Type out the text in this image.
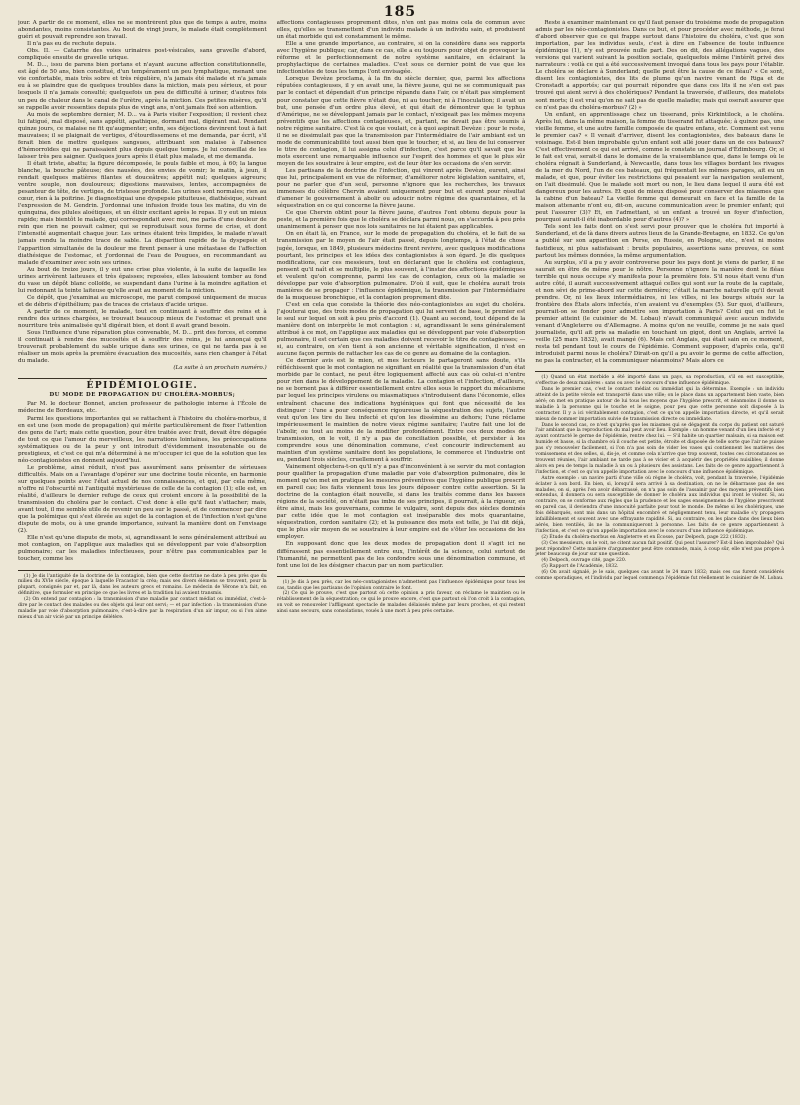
185

jour. A partir de ce moment, elles ne se montrèrent plus que de temps à autre, moins abondantes, moins consistantes. Au bout de vingt jours, le malade était complètement guéri et pouvait reprendre son travail.

Il n'a pas eu de rechute depuis.

Obs. II. — Catarrhe des voies urinaires post-vésicales, sans gravelle d'abord, compliquée ensuite de gravelle urique.

M. D..., issu de parens bien portans et n'ayant aucune affection constitutionnelle, est âgé de 50 ans, bien constitué, d'un tempérament un peu lymphatique, menant une vie confortable, mais très sobre et très régulière, n'a jamais été malade et n'a jamais eu à se plaindre que de quelques troubles dans la miction, mais peu sérieux, et pour lesquels il n'a jamais consulté; quelquefois un peu de difficulté à uriner, d'autres fois un peu de chaleur dans le canal de l'urètre, après la miction. Ces petites misères, qu'il se rappelle avoir ressenties depuis plus de vingt ans, n'ont jamais fixé son attention.

Au mois de septembre dernier, M. D... va à Paris visiter l'exposition; il revient chez lui fatigué, mal disposé, sans appétit, apathique, dormant mal, digérant mal. Pendant quinze jours, ce malaise ne fit qu'augmenter; enfin, ses déjections devinrent tout à fait mauvaises; il se plaignait de vertiges, d'étourdissemens et me demanda, par écrit, s'il ferait bien de mettre quelques sangsues, attribuant son malaise à l'absence d'hémorroïdes qui ne paraissaient plus depuis quelque temps. Je lui conseillai de les laisser très peu saigner. Quelques jours après il était plus malade, et me demanda.

Il était triste, abattu; la figure décomposée, le pouls faible et mou, à 60; la langue blanche, la bouche pâteuse; des nausées, des envies de vomir; le matin, à jeun, il rendait quelques matières filantes et douceâtres; appétit nul; quelques aigreurs; ventre souple, non douloureux; digestions mauvaises, lentes, accompagnées de pesanteur de tête, de vertiges, de tristesse profonde. Les urines sont normales; rien au cœur, rien à la poitrine. Je diagnostiquai une dyspepsie pituiteuse, diathésique, suivant l'expression de M. Gendrin. J'ordonnai une infusion froide tous les matins, du vin de quinquina, des pilules aloétiques, et un élixir excitant après le repas. Il y eut un mieux rapide; mais bientôt le malade, qui correspondait avec moi, me parla d'une douleur de rein que rien ne pouvait calmer, qui se reproduisait sous forme de crise, et dont l'intensité augmentait chaque jour. Les urines étaient très limpides, le malade n'avait jamais rendu la moindre trace de sable. La disparition rapide de la dyspepsie et l'apparition simultanée de la douleur me firent penser à une métastase de l'affection diathésique de l'estomac, et j'ordonnai de l'eau de Pougues, en recommandant au malade d'examiner avec soin ses urines.

Au bout de treize jours, il y eut une crise plus violente, à la suite de laquelle les urines arrivèrent laiteuses et très épaisses; reposées, elles laissaient tomber au fond du vase un dépôt blanc colloïde, se suspendant dans l'urine à la moindre agitation et lui redonnant la teinte laiteuse qu'elle avait au moment de la miction.

Ce dépôt, que j'examinai au microscope, me parut composé uniquement de mucus et de débris d'épithélium; pas de traces de cristaux d'acide urique.

A partir de ce moment, le malade, tout en continuant à souffrir des reins et à rendre des urines chargées, se trouvait beaucoup mieux de l'estomac et prenait une nourriture très animalisée qu'il digérait bien, et dont il avait grand besoin.

Sous l'influence d'une réparation plus convenable, M. D... prit des forces, et comme il continuait à rendre des mucosités et à souffrir des reins, je lui annonçai qu'il trouverait probablement du sable urique dans ses urines, ce qui ne tarda pas à se réaliser un mois après la première évacuation des mucosités, sans rien changer à l'état du malade.

(La suite à un prochain numéro.)

ÉPIDÉMIOLOGIE.
DU MODE DE PROPAGATION DU CHOLÉRA-MORBUS;

Par M. le docteur Bonnet, ancien professeur de pathologie interne à l'École de médecine de Bordeaux, etc.

Parmi les questions importantes qui se rattachent à l'histoire du choléra-morbus, il en est une (son mode de propagation) qui mérite particulièrement de fixer l'attention des gens de l'art; mais cette question, pour être traitée avec fruit, devait être dégagée de tout ce que l'amour du merveilleux, les narrations lointaines, les préoccupations systématiques ou de la peur y ont introduit d'évidemment insoutenable ou de prestigieux, et c'est ce qui m'a déterminé à ne m'occuper ici que de la solution que les néo-contagionistes en donnent aujourd'hui.

Le problème, ainsi réduit, n'est pas assurément sans présenter de sérieuses difficultés. Mais on a l'avantage d'opérer sur une doctrine toute récente, en harmonie sur quelques points avec l'état actuel de nos connaissances, et qui, par cela même, n'offre ni l'obscurité ni l'antiquité mystérieuse de celle de la contagion (1); elle est, en réalité, d'ailleurs le dernier refuge de ceux qui croient encore à la possibilité de la transmission du choléra par le contact. C'est donc à elle qu'il faut s'attacher; mais, avant tout, il me semble utile de revenir un peu sur le passé, et de commencer par dire que la polémique qui s'est élevée au sujet de la contagion et de l'infection n'est qu'une dispute de mots, ou à une grande importance, suivant la manière dont on l'envisage (2).

Elle n'est qu'une dispute de mots, si, agrandissant le sens généralement attribué au mot contagion, on l'applique aux maladies qui se développent par voie d'absorption pulmonaire; car les maladies infectieuses, pour n'être pas communicables par le toucher, comme les

(1) Je dis l'antiquité de la doctrine de la contagion, bien que cette doctrine ne date à peu près que du milieu du XVIe siècle, époque à laquelle Fracastor la créa; mais ses divers élémens se trouvent, pour la plupart, consignés par et, par là, dans les auteurs grecs et romains. Le médecin de Vérone n'a fait, en définitive, que formuler en principe ce que les livres et la tradition lui avaient transmis.

(2) On entend par contagion : la transmission d'une maladie par contact médiat ou immédiat, c'est-à-dire par le contact des malades ou des objets qui leur ont servi; — et par infection : la transmission d'une maladie par voie d'absorption pulmonaire, c'est-à-dire par la respiration d'un air impur, ou si l'on aime mieux d'un air vicié par un principe délétère.

affections contagieuses proprement dites, n'en ont pas moins cela de commun avec elles, qu'elles se transmettent d'un individu malade à un individu sain, et produisent un état morbide qui est constamment le même.

Elle a une grande importance, au contraire, si on la considère dans ses rapports avec l'hygiène publique; car, dans ce cas, elle a eu toujours pour objet de provoquer la réforme et le perfectionnement de notre système sanitaire, en éclairant la prophylactique de certaines maladies. C'est sous ce dernier point de vue que les infectionistes de tous les temps l'ont envisagée.

Lorsque Devèze proclama, à la fin du siècle dernier, que, parmi les affections réputées contagieuses, il y en avait une, la fièvre jaune, qui ne se communiquait pas par le contact et dépendait d'un principe répandu dans l'air, ce n'était pas simplement pour constater que cette fièvre n'était due, ni au toucher, ni à l'inoculation; il avait un but, une pensée d'un ordre plus élevé, et qui était de démontrer que le typhus d'Amérique, ne se développant jamais par le contact, n'exigeait pas les mêmes moyens préventifs que les affections contagieuses, et, partant, ne devait pas être soumis à notre régime sanitaire. C'est là ce que voulait, ce à quoi aspirait Devèze : pour le reste, il ne se dissimulait pas que la transmission par l'intermédiaire de l'air ambiant est un mode de communicabilité tout aussi bien que le toucher, et si, au lieu de lui conserver le titre de contagion, il lui assigna celui d'infection, c'est parce qu'il savait que les mots exercent une remarquable influence sur l'esprit des hommes et que le plus sûr moyen de les soustraire à leur empire, est de leur ôter les occasions de s'en servir.

Les partisans de la doctrine de l'infection, qui vinrent après Devèze, eurent, ainsi que lui, principalement en vue de réformer, d'améliorer notre législation sanitaire, et, pour ne parler que d'un seul, personne n'ignore que les recherches, les travaux immenses du célèbre Chervin avaient uniquement pour but et eurent pour résultat d'amener le gouvernement à abolir ou adoucir notre régime des quarantaines, et la séquestration en ce qui concerne la fièvre jaune.

Ce que Chervin obtint pour la fièvre jaune, d'autres l'ont obtenu depuis pour la peste, et la première fois que le choléra se déclara parmi nous, on s'accorda à peu près unanimement à penser que nos lois sanitaires ne lui étaient pas applicables.

On en était là, en France, sur le mode de propagation du choléra, et le fait de sa transmission par le moyen de l'air était passé, depuis longtemps, à l'état de chose jugée, lorsque, en 1849, plusieurs médecins firent revivre, avec quelques modifications pourtant, les principes et les idées des contagionistes à son égard. Je dis quelques modifications, car ces messieurs, tout en déclarant que le choléra est contagieux, pensent qu'il naît et se multiplie, le plus souvent, à l'instar des affections épidémiques et veulent qu'on comprenne, parmi les cas de contagion, ceux où la maladie se développe par voie d'absorption pulmonaire. D'où il suit, que le choléra aurait trois manières de se propager : l'influence épidémique, la transmission par l'intermédiaire de la muqueuse bronchique, et la contagion proprement dite.

C'est en cela que consiste la théorie des néo-contagionistes au sujet du choléra. J'ajouterai que, des trois modes de propagation qui lui servent de base, le premier est le seul sur lequel on soit à peu près d'accord (1). Quant au second, tout dépend de la manière dont on interprète le mot contagion : si, agrandissant le sens généralement attribué à ce mot, on l'applique aux maladies qui se développent par voie d'absorption pulmonaire, il est certain que ces maladies doivent recevoir le titre de contagieuses; — si, au contraire, on s'en tient à son ancienne et véritable signification, il n'est en aucune façon permis de rattacher les cas de ce genre au domaine de la contagion.

Ce dernier avis est le mien, et mes lecteurs le partageront sans doute, s'ils réfléchissent que le mot contagion ne signifiant en réalité que la transmission d'un état morbide par le contact, ne peut être logiquement affecté aux cas où celui-ci n'entre pour rien dans le développement de la maladie. La contagion et l'infection, d'ailleurs, ne se bornent pas à différer essentiellement entre elles sous le rapport du mécanisme par lequel les principes virulens ou miasmatiques s'introduisent dans l'économie, elles entraînent chacune des indications hygiéniques qui font que nécessité de les distinguer : l'une a pour conséquence rigoureuse la séquestration des sujets, l'autre veut qu'on les tire du lieu infecté et qu'on les dissémine au dehors; l'une réclame impérieusement le maintien de notre vieux régime sanitaire; l'autre fait une loi de l'abolir, ou tout au moins de la modifier profondément. Entre ces deux modes de transmission, on le voit, il n'y a pas de conciliation possible, et persister à les comprendre sous une dénomination commune, c'est concourir indirectement au maintien d'un système sanitaire dont les populations, le commerce et l'industrie ont eu, pendant trois siècles, cruellement à souffrir.

Vainement objectera-t-on qu'il n'y a pas d'inconvénient à se servir du mot contagion pour qualifier la propagation d'une maladie par voie d'absorption pulmonaire, dès le moment qu'on met en pratique les mesures préventives que l'hygiène publique prescrit en pareil cas; les faits viennent tous les jours déposer contre cette assertion. Si la doctrine de la contagion était nouvelle, si dans les traités comme dans les basses régions de la société, on n'était pas imbu de ses principes, il pourrait, à la rigueur, en être ainsi, mais les gouvernans, comme le vulgaire, sont depuis des siècles dominés par cette idée que le mot contagion est inséparable des mots quarantaine, séquestration, cordon sanitaire (2); et la puissance des mots est telle, je l'ai dit déjà, que le plus sûr moyen de se soustraire à leur empire est de s'ôter les occasions de les employer.

En supposant donc que les deux modes de propagation dont il s'agit ici ne différassent pas essentiellement entre eux, l'intérêt de la science, celui surtout de l'humanité, ne permettent pas de les confondre sous une dénomination commune, et font une loi de les désigner chacun par un nom particulier.

(1) Je dis à peu près, car les néo-contagionistes n'admettent pas l'influence épidémique pour tous les cas, tandis que les partisans de l'opinion contraire le font.

(2) Ce qui le prouve, c'est que partout où cette opinion a pris faveur, on réclame le maintien ou le rétablissement de la séquestration; ce qui le prouve encore, c'est que partout où l'on croit à la contagion, on voit se renouveler l'affligeant spectacle de malades délaissés même par leurs proches, et qui restent ainsi sans secours, sans consolations, voués à une mort à peu près certaine.

Reste à examiner maintenant ce qu'il faut penser du troisième mode de propagation admis par les néo-contagionistes. Dans ce but, et pour procéder avec méthode, je ferai d'abord observer que ce qui frappe surtout dans l'histoire du choléra, c'est que son importation, par les individus seuls, c'est à dire en l'absence de toute influence épidémique (1), n'y est prouvée nulle part. Des on dit, des allégations vagues, des versions qui varient suivant la position sociale, quelquefois même l'intérêt privé des narrateurs : voilà ce qui a été successivement invoqué dans tous les pays pour l'établir. Le choléra se déclare à Sunderland; quelle peut être la cause de ce fléau? « Ce sont, disent les contagionistes, des lits de plume qu'un navire venant de Riga et de Cronstadt a apportés; car qui pourrait répondre que dans ces lits il ne s'en est pas trouvé qui aient servi à des cholériques? Pendant la traversée, d'ailleurs, des matelots sont morts; il est vrai qu'on ne sait pas de quelle maladie; mais qui oserait assurer que ce n'est pas du choléra-morbus? (2) »

Un enfant, en apprentissage chez un tisserand, près Kirkintilock, a le choléra. Après lui, dans la même maison, la femme du tisserand fut attaquée; à quinze pas, une vieille femme, et une autre famille composée de quatre enfans, etc. Comment est venu le premier cas? « Il venait d'arriver, disent les contagionistes, des bateaux dans le voisinage. Est-il bien improbable qu'un enfant soit allé jouer dans un de ces bateaux? C'est effectivement ce qui est arrivé, comme le constate un journal d'Édimbourg. Or, si le fait est vrai, serait-il dans le domaine de la vraisemblance que, dans le temps où le choléra régnait à Sunderland, à Newcastle, dans tous les villages bordant les rivages de la mer du Nord, l'un de ces bateaux, qui fréquentait les mêmes parages, ait eu un malade, et que, pour éviter les restrictions qui pesaient sur la navigation seulement, on l'ait dissimulé. Que le malade soit mort ou non, le lieu dans lequel il aura été est dangereux pour les autres. Et quoi de mieux disposé pour conserver des miasmes que la cabine d'un bateau? La vieille femme qui demeurait en face et la famille de la maison attenante n'ont eu, dit-on, aucune communication avec le premier enfant; qui peut l'assurer (3)? Et, en l'admettant, si un enfant a trouvé un foyer d'infection, pourquoi aurait-il été inabordable pour d'autres (4)? »

Tels sont les faits dont on s'est servi pour prouver que le choléra fut importé à Sunderland, et de là dans divers autres lieux de la Grande-Bretagne, en 1832. Ce qu'on a publié sur son apparition en Perse, en Russie, en Pologne, etc., n'est ni moins fastidieux, ni plus satisfaisant : bruits populaires, assertions sans preuves, ce sont partout les mêmes données, la même argumentation.

Au surplus, s'il a pu y avoir controverse pour les pays dont je viens de parler, il ne saurait en être de même pour le nôtre. Personne n'ignore la manière dont le fléau terrible qui nous occupe s'y manifesta pour la première fois. S'il nous était venu d'un autre côté, il aurait successivement attaqué celles qui sont sur la route de la capitale, et non sévi de prime-abord sur cette dernière; c'était la marche naturelle qu'il devait prendre. Or, ni les lieux intermédiaires, ni les villes, ni les bourgs situés sur la frontière des États alors infectés, n'en avaient vu d'exemples (5). Sur quoi, d'ailleurs, pourrait-on se fonder pour admettre son importation à Paris? Celui qui en fut le premier atteint (le cuisinier de M. Lobau) n'avait communiqué avec aucun individu venant d'Angleterre ou d'Allemagne. A moins qu'on ne veuille, comme je ne sais quel journaliste, qu'il ait pris sa maladie en touchant un gigot, dont un Anglais, arrivé la veille (25 mars 1832), avait mangé (6). Mais cet Anglais, qui était sain en ce moment, resta tel pendant tout le cours de l'épidémie. Comment supposer, d'après cela, qu'il introduisit parmi nous le choléra? Dirait-on qu'il a pu avoir le germe de cette affection, ne pas la contracter, et la communiquer néanmoins? Mais alors ce

(1) Quand un état morbide a été importé dans un pays, sa reproduction, s'il en est susceptible, s'effectue de deux manières : sans ou avec le concours d'une influence épidémique.

Dans le premier cas, c'est le contact médiat ou immédiat qui la détermine. Exemple : un individu atteint de la petite vérole est transporté dans une ville; on le place dans un appartement bien vaste, bien aéré; on met en pratique autour de lui tous les moyens que l'hygiène prescrit, et néanmoins il donne sa maladie à la personne qui le touche et le soigne, pour peu que cette personne soit disposée à la contracter. Il y a ici véritablement contagion, c'est ce qu'on appelle importation directe, et qu'il serait mieux de nommer importation suivie de transmission directe ou immédiate.

Dans le second cas, ce n'est qu'après que les miasmes qui se dégagent du corps du patient ont saturé l'air ambiant que la reproduction du mal peut avoir lieu. Exemple : un homme venant d'un lieu infecté et y ayant contracté le germe de l'épidémie, rentre chez lui. — S'il habite un quartier malsain, si sa maison est humide et basse, si la chambre où il couche est petite, étroite et disposée de telle sorte que l'air ne puisse pas s'y renouveler facilement, si l'on n'a pas soin de vider les vases qui contiennent les matières des vomissemens et des selles, si, dis-je, et comme cela n'arrive que trop souvent, toutes ces circonstances se trouvent réunies, l'air ambiant ne tarde pas à se vicier et à acquérir des propriétés nuisibles; il donne alors en peu de temps la maladie à un ou à plusieurs des assistans. Les faits de ce genre appartiennent à l'infection, et c'est ce qu'on appelle importation avec le concours d'une influence épidémique.

Autre exemple : un navire parti d'une ville où règne le choléra, voit, pendant la traversée, l'épidémie éclater à son bord. En bien, si, lorsqu'il sera arrivé à sa destination, on ne le débarrasse pas de ses malades, on si, après l'en avoir débarrassé, on n'a pas soin de l'assainir par des moyens préventifs bien entendus, il donnera ou sera susceptible de donner le choléra aux individus qui iront le visiter. Si, au contraire, on se conforme aux règles que la prudence et les sages enseignemens de l'hygiène prescrivent en pareil cas, il deviendra d'une innocuité parfaite pour tout le monde. De même si les cholériques, une fois débarqués, sont mis dans un hôpital encombré et négligemment tenu, leur maladie s'y propagera infailliblement et souvent avec une effrayante rapidité. Si, au contraire, on les place dans des lieux bien aérés, bien ventilés, ils ne la communiqueront à personne. Les faits de ce genre appartiennent à l'infection, et c'est ce qu'on appelle importation avec le concours d'une influence épidémique.

(2) Étude du choléra-morbus en Angleterre et en Écosse, par Delpech, page 222 (1832).

(3) Ces messieurs, on le voit, ne citent aucun fait positif. Qui peut l'assurer? Est-il bien improbable? Qui peut répondre? Cette manière d'argumenter peut être commode, mais, à coup sûr, elle n'est pas propre à jeter beaucoup de jour sur une question.

(4) Delpech, ouvrage cité, page 220.

(5) Rapport de l'Académie, 1832.

(6) On avait signalé, je le sais, quelques cas avant le 24 mars 1832; mais ces cas furent considérés comme sporadiques, et l'individu par lequel commença l'épidémie fut réellement le cuisinier de M. Lobau.
